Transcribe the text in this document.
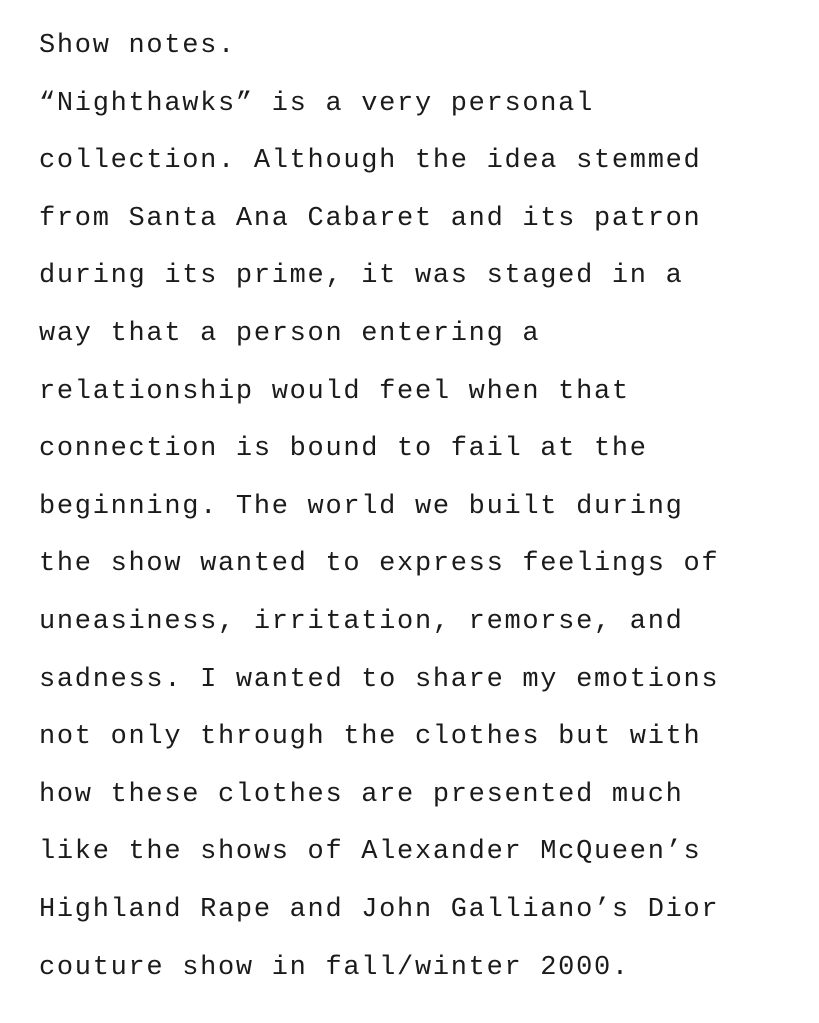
Show notes.
“Nighthawks” is a very personal
collection. Although the idea stemmed
from Santa Ana Cabaret and its patron
during its prime, it was staged in a
way that a person entering a
relationship would feel when that
connection is bound to fail at the
beginning. The world we built during
the show wanted to express feelings of
uneasiness, irritation, remorse, and
sadness. I wanted to share my emotions
not only through the clothes but with
how these clothes are presented much
like the shows of Alexander McQueen’s
Highland Rape and John Galliano’s Dior
couture show in fall/winter 2000.
